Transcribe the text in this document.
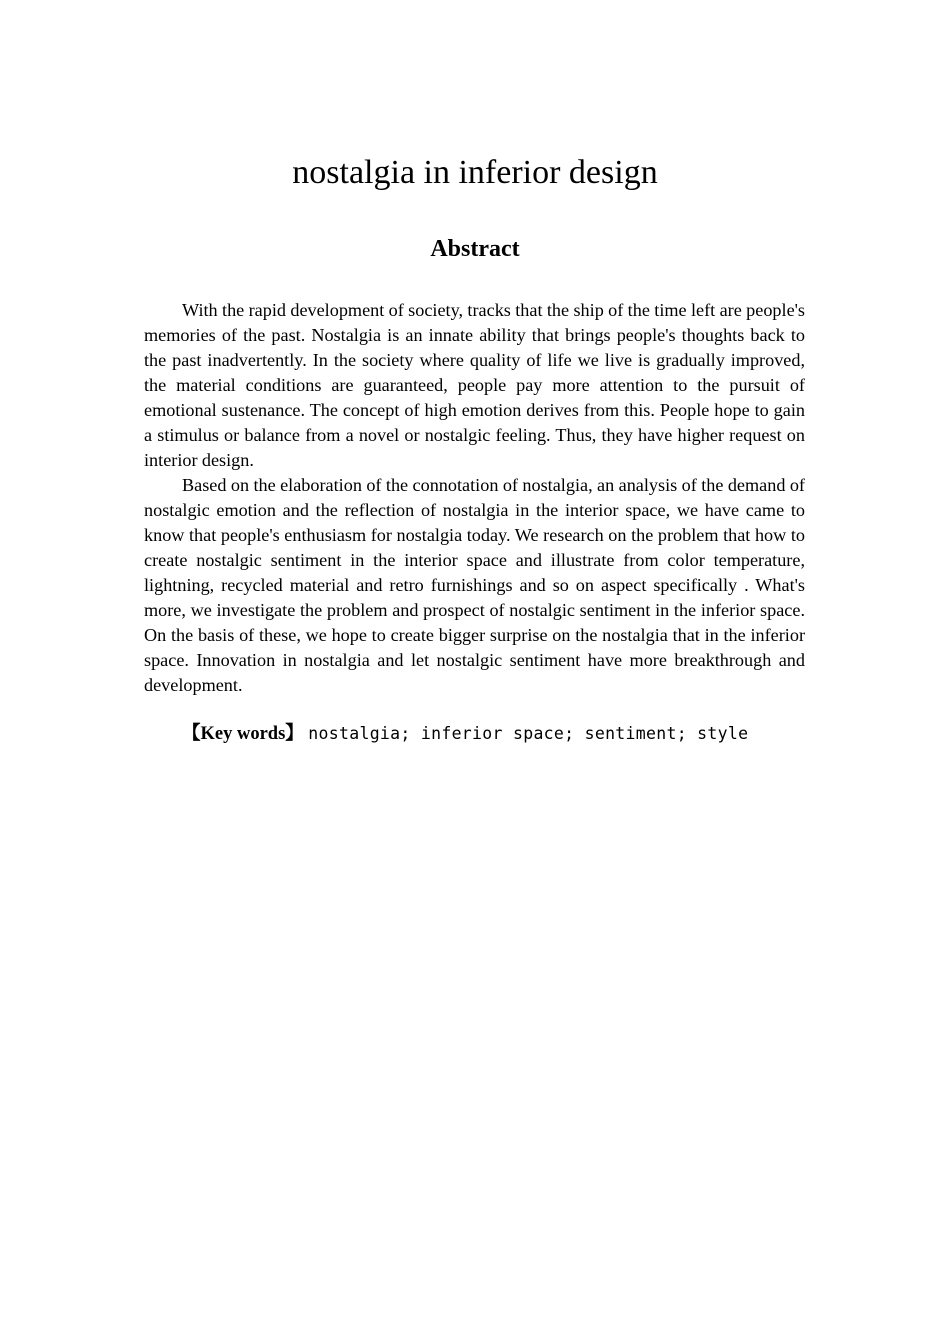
nostalgia in inferior design
Abstract

With the rapid development of society, tracks that the ship of the time left are people's memories of the past. Nostalgia is an innate ability that brings people's thoughts back to the past inadvertently. In the society where quality of life we live is gradually improved, the material conditions are guaranteed, people pay more attention to the pursuit of emotional sustenance. The concept of high emotion derives from this. People hope to gain a stimulus or balance from a novel or nostalgic feeling. Thus, they have higher request on interior design.

Based on the elaboration of the connotation of nostalgia, an analysis of the demand of nostalgic emotion and the reflection of nostalgia in the interior space, we have came to know that people's enthusiasm for nostalgia today. We research on the problem that how to create nostalgic sentiment in the interior space and illustrate from color temperature, lightning, recycled material and retro furnishings and so on aspect specifically . What's more, we investigate the problem and prospect of nostalgic sentiment in the inferior space. On the basis of these, we hope to create bigger surprise on the nostalgia that in the inferior space. Innovation in nostalgia and let nostalgic sentiment have more breakthrough and development.

【Key words】 nostalgia; inferior space; sentiment; style
